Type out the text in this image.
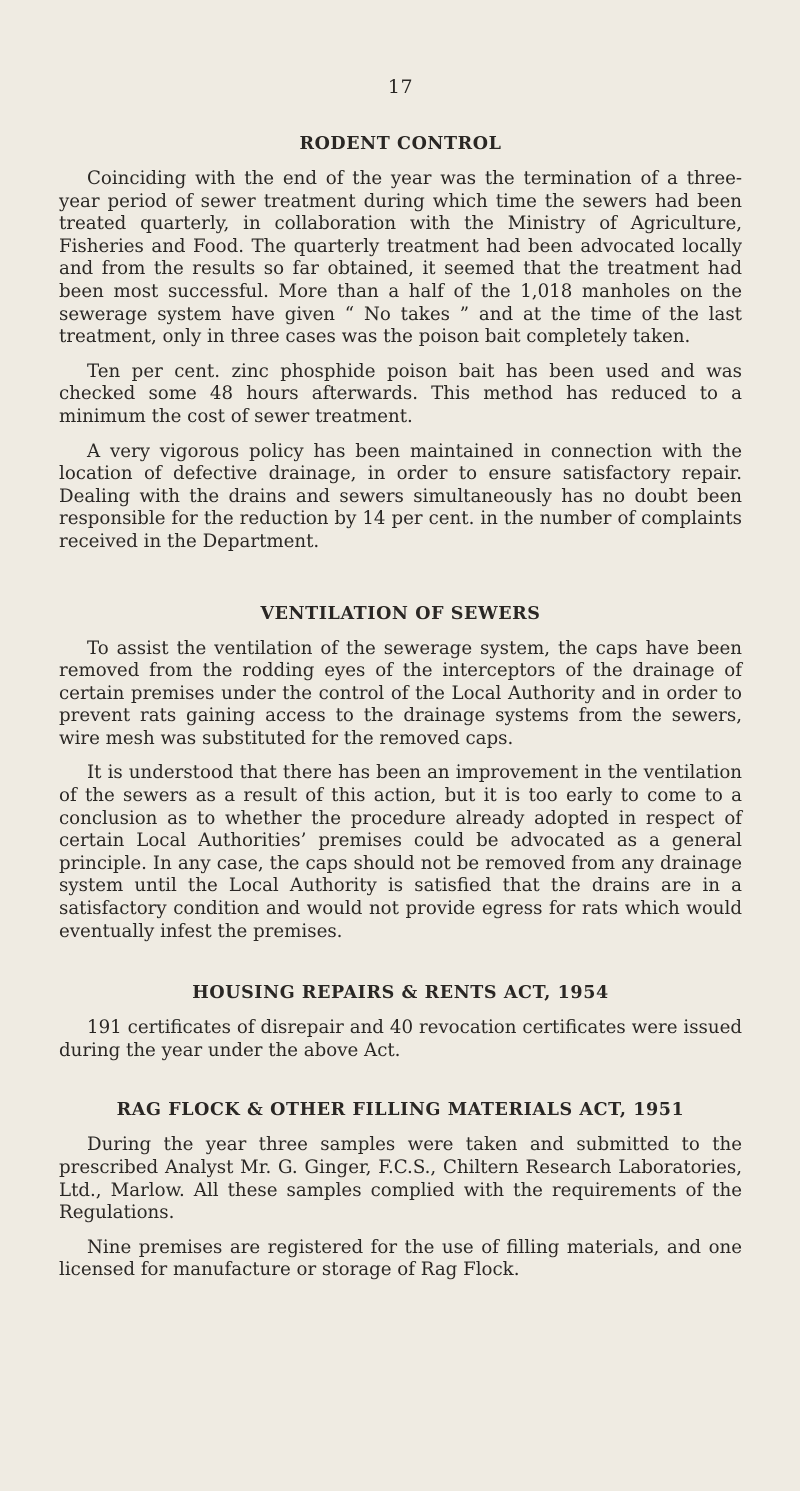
17
RODENT CONTROL

Coinciding with the end of the year was the termination of a three-year period of sewer treatment during which time the sewers had been treated quarterly, in collaboration with the Ministry of Agriculture, Fisheries and Food. The quarterly treatment had been advocated locally and from the results so far obtained, it seemed that the treatment had been most successful. More than a half of the 1,018 manholes on the sewerage system have given “ No takes ” and at the time of the last treatment, only in three cases was the poison bait completely taken.

Ten per cent. zinc phosphide poison bait has been used and was checked some 48 hours afterwards. This method has reduced to a minimum the cost of sewer treatment.

A very vigorous policy has been maintained in connection with the location of defective drainage, in order to ensure satisfactory repair. Dealing with the drains and sewers simultaneously has no doubt been responsible for the reduction by 14 per cent. in the number of complaints received in the Department.

VENTILATION OF SEWERS

To assist the ventilation of the sewerage system, the caps have been removed from the rodding eyes of the interceptors of the drainage of certain premises under the control of the Local Authority and in order to prevent rats gaining access to the drainage systems from the sewers, wire mesh was substituted for the removed caps.

It is understood that there has been an improvement in the ventilation of the sewers as a result of this action, but it is too early to come to a conclusion as to whether the procedure already adopted in respect of certain Local Authorities’ premises could be advocated as a general principle. In any case, the caps should not be removed from any drainage system until the Local Authority is satisfied that the drains are in a satisfactory condition and would not provide egress for rats which would eventually infest the premises.

HOUSING REPAIRS & RENTS ACT, 1954

191 certificates of disrepair and 40 revocation certificates were issued during the year under the above Act.

RAG FLOCK & OTHER FILLING MATERIALS ACT, 1951

During the year three samples were taken and submitted to the prescribed Analyst Mr. G. Ginger, F.C.S., Chiltern Research Laboratories, Ltd., Marlow. All these samples complied with the requirements of the Regulations.

Nine premises are registered for the use of filling materials, and one licensed for manufacture or storage of Rag Flock.
